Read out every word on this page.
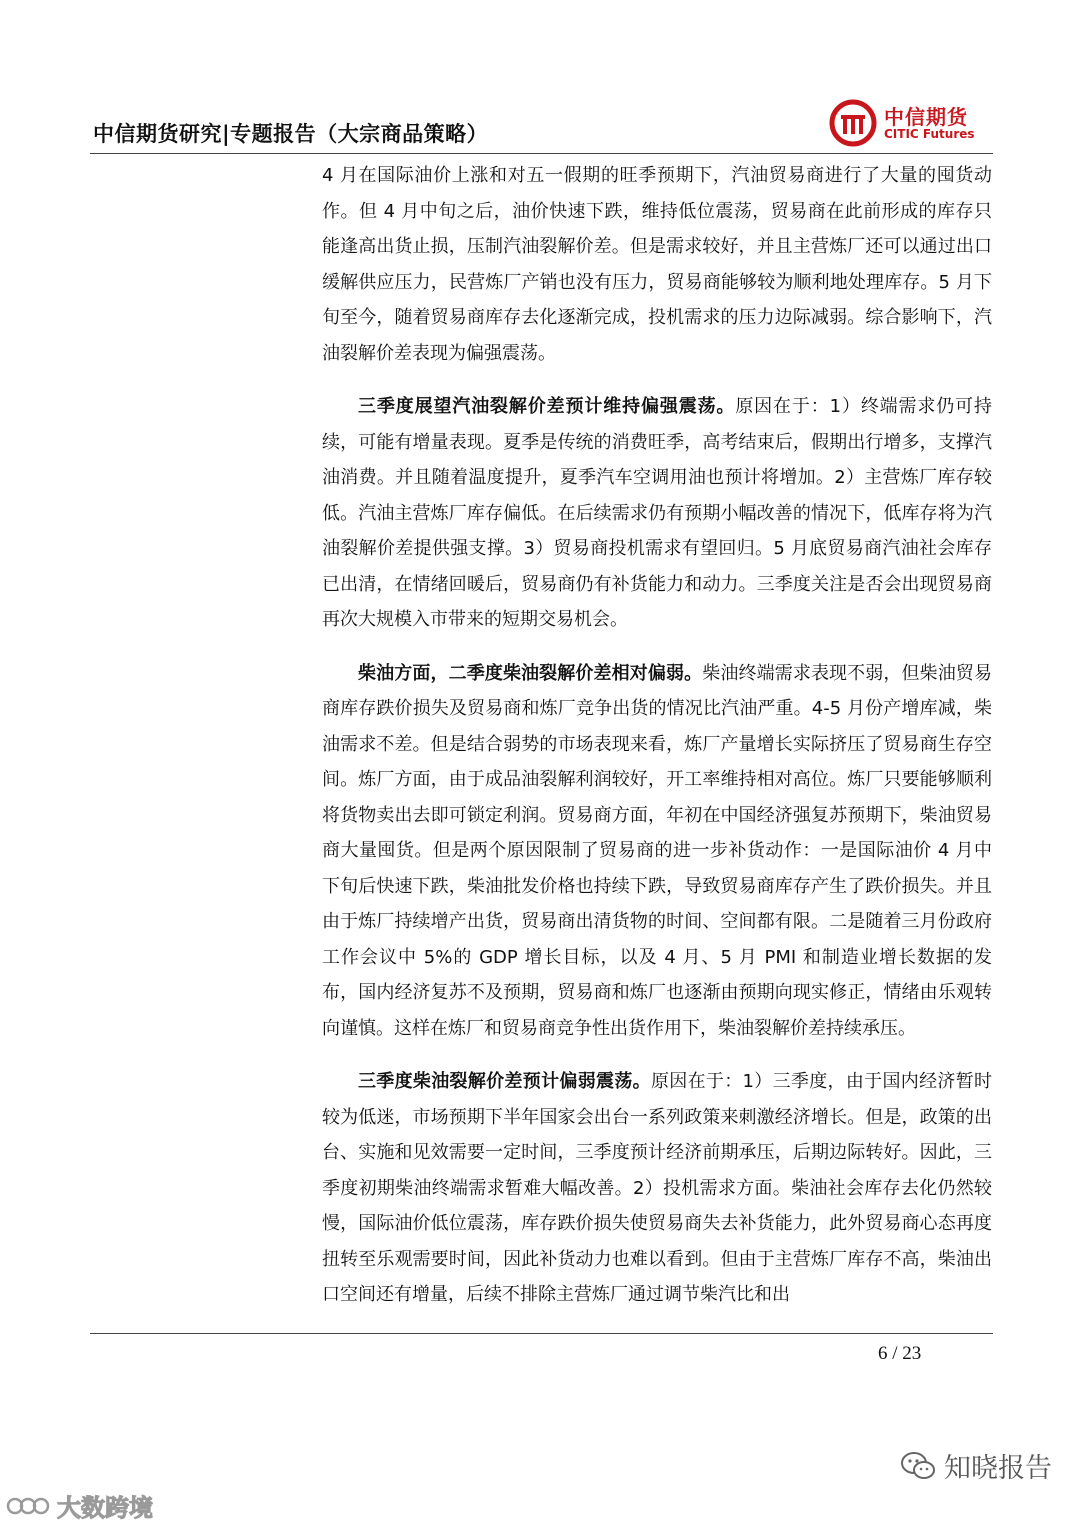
中信期货研究|专题报告（大宗商品策略）
中信期货
CITIC Futures

4 月在国际油价上涨和对五一假期的旺季预期下，汽油贸易商进行了大量的囤货动作。但 4 月中旬之后，油价快速下跌，维持低位震荡，贸易商在此前形成的库存只能逢高出货止损，压制汽油裂解价差。但是需求较好，并且主营炼厂还可以通过出口缓解供应压力，民营炼厂产销也没有压力，贸易商能够较为顺利地处理库存。5 月下旬至今，随着贸易商库存去化逐渐完成，投机需求的压力边际减弱。综合影响下，汽油裂解价差表现为偏强震荡。

三季度展望汽油裂解价差预计维持偏强震荡。原因在于：1）终端需求仍可持续，可能有增量表现。夏季是传统的消费旺季，高考结束后，假期出行增多，支撑汽油消费。并且随着温度提升，夏季汽车空调用油也预计将增加。2）主营炼厂库存较低。汽油主营炼厂库存偏低。在后续需求仍有预期小幅改善的情况下，低库存将为汽油裂解价差提供强支撑。3）贸易商投机需求有望回归。5 月底贸易商汽油社会库存已出清，在情绪回暖后，贸易商仍有补货能力和动力。三季度关注是否会出现贸易商再次大规模入市带来的短期交易机会。

柴油方面，二季度柴油裂解价差相对偏弱。柴油终端需求表现不弱，但柴油贸易商库存跌价损失及贸易商和炼厂竞争出货的情况比汽油严重。4-5 月份产增库减，柴油需求不差。但是结合弱势的市场表现来看，炼厂产量增长实际挤压了贸易商生存空间。炼厂方面，由于成品油裂解利润较好，开工率维持相对高位。炼厂只要能够顺利将货物卖出去即可锁定利润。贸易商方面，年初在中国经济强复苏预期下，柴油贸易商大量囤货。但是两个原因限制了贸易商的进一步补货动作：一是国际油价 4 月中下旬后快速下跌，柴油批发价格也持续下跌，导致贸易商库存产生了跌价损失。并且由于炼厂持续增产出货，贸易商出清货物的时间、空间都有限。二是随着三月份政府工作会议中 5%的 GDP 增长目标，以及 4 月、5 月 PMI 和制造业增长数据的发布，国内经济复苏不及预期，贸易商和炼厂也逐渐由预期向现实修正，情绪由乐观转向谨慎。这样在炼厂和贸易商竞争性出货作用下，柴油裂解价差持续承压。

三季度柴油裂解价差预计偏弱震荡。原因在于：1）三季度，由于国内经济暂时较为低迷，市场预期下半年国家会出台一系列政策来刺激经济增长。但是，政策的出台、实施和见效需要一定时间，三季度预计经济前期承压，后期边际转好。因此，三季度初期柴油终端需求暂难大幅改善。2）投机需求方面。柴油社会库存去化仍然较慢，国际油价低位震荡，库存跌价损失使贸易商失去补货能力，此外贸易商心态再度扭转至乐观需要时间，因此补货动力也难以看到。但由于主营炼厂库存不高，柴油出口空间还有增量，后续不排除主营炼厂通过调节柴汽比和出

6 / 23
大数跨境
知晓报告
